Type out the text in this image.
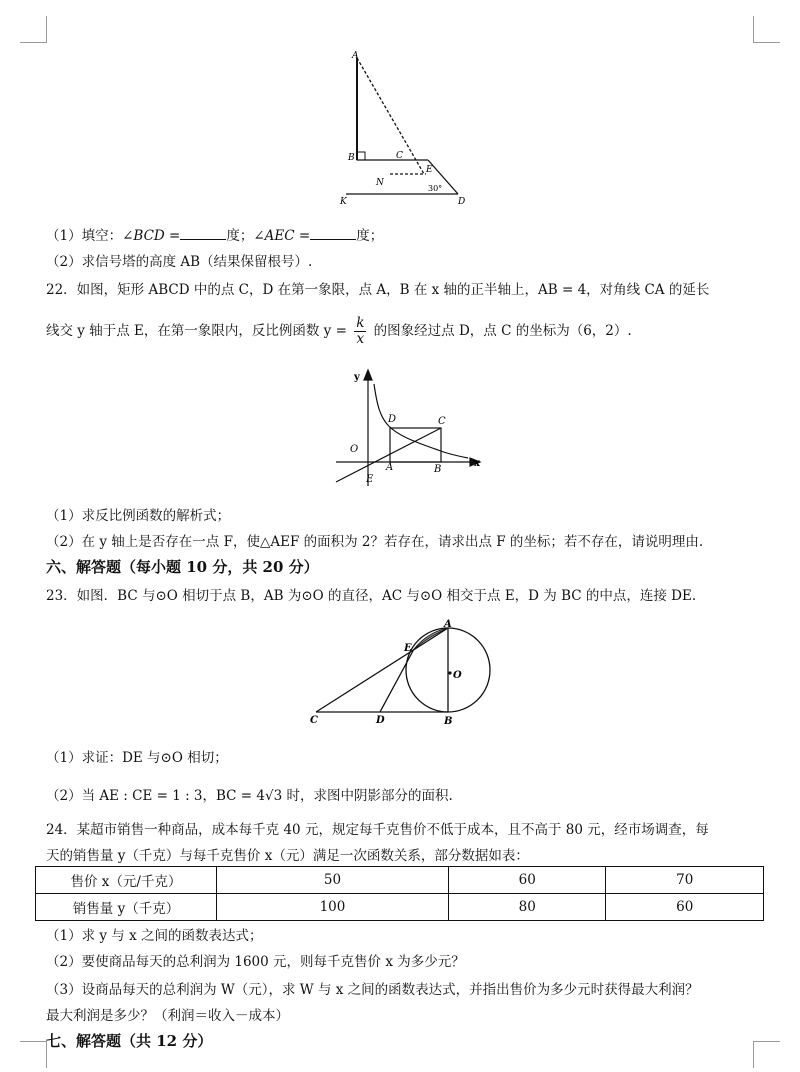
A
B	C
E
N
K	D
30°
（1）填空：∠BCD =	度；∠AEC =	度；
（2）求信号塔的高度 AB（结果保留根号）.
22．如图，矩形 ABCD 中的点 C，D 在第一象限，点 A，B 在 x 轴的正半轴上，AB = 4，对角线 CA 的延长
线交 y 轴于点 E，在第一象限内，反比例函数 $y = \frac{k}{x}$ 的图象经过点 D，点 C 的坐标为（6，2）.
y
x
O
D	C
A	B
E
（1）求反比例函数的解析式；
（2）在 y 轴上是否存在一点 F，使△AEF 的面积为 2？若存在，请求出点 F 的坐标；若不存在，请说明理由.
六、解答题（每小题 10 分，共 20 分）
23．如图．BC 与⊙O 相切于点 B，AB 为⊙O 的直径，AC 与⊙O 相交于点 E，D 为 BC 的中点，连接 DE.
A
E
O
C	D	B
（1）求证：DE 与⊙O 相切；
（2）当 AE : CE = 1 : 3，BC = 4√3 时，求图中阴影部分的面积.
24．某超市销售一种商品，成本每千克 40 元，规定每千克售价不低于成本，且不高于 80 元，经市场调查，每
天的销售量 y（千克）与每千克售价 x（元）满足一次函数关系，部分数据如表：
售价 x（元/千克）	50	60	70
销售量 y（千克）	100	80	60
（1）求 y 与 x 之间的函数表达式；
（2）要使商品每天的总利润为 1600 元，则每千克售价 x 为多少元？
（3）设商品每天的总利润为 W（元），求 W 与 x 之间的函数表达式，并指出售价为多少元时获得最大利润？
最大利润是多少？（利润＝收入－成本）
七、解答题（共 12 分）
